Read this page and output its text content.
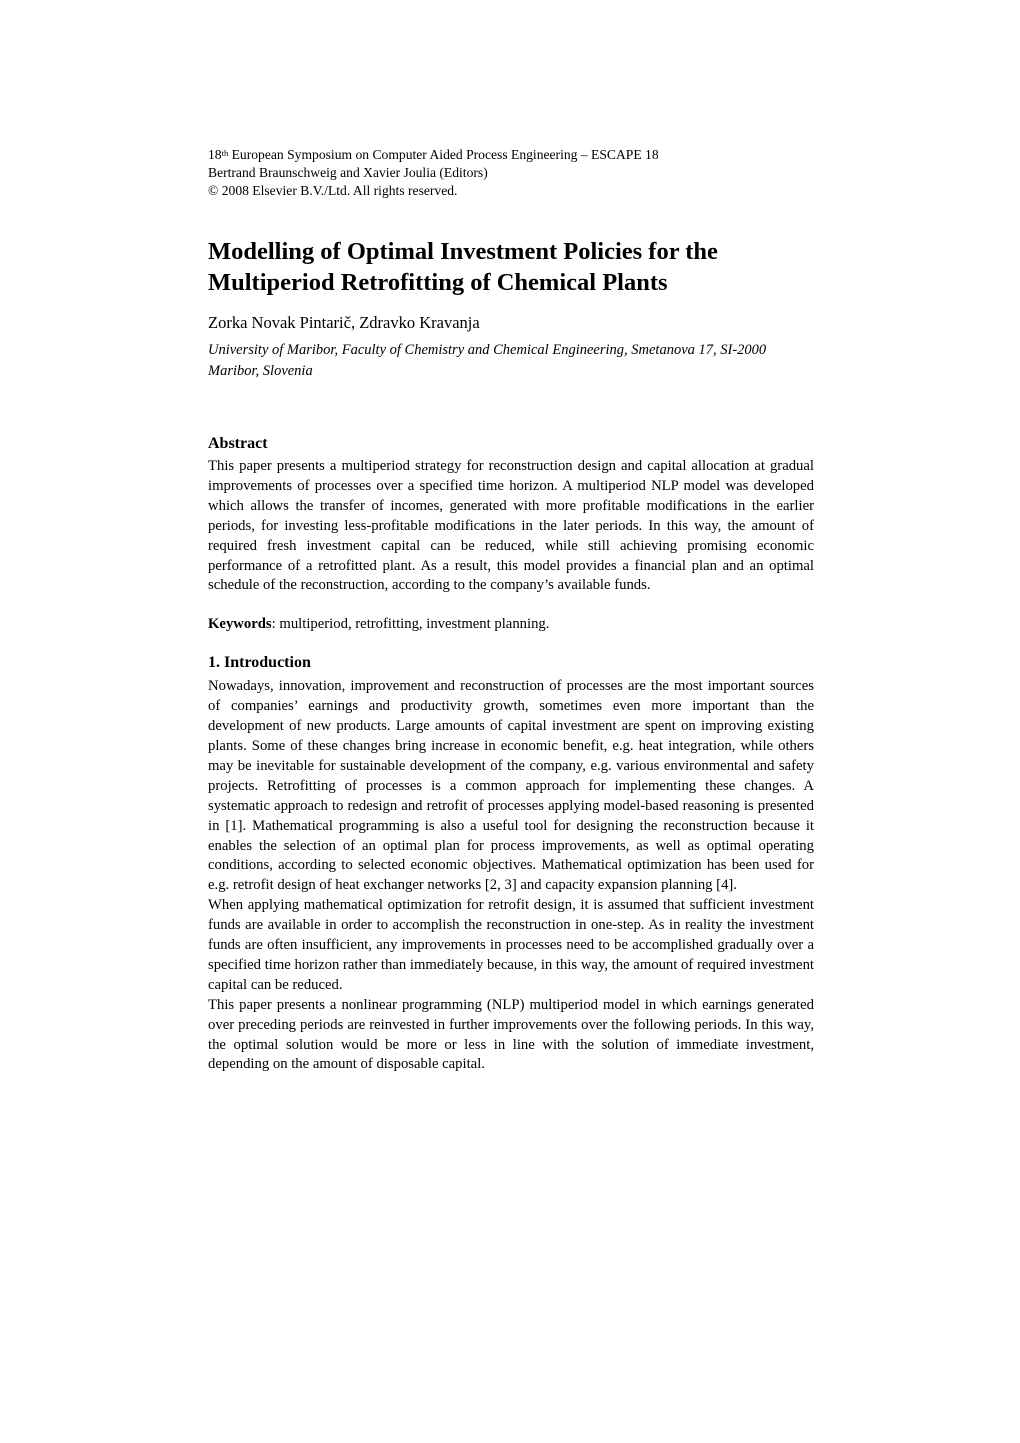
18th European Symposium on Computer Aided Process Engineering – ESCAPE 18

Bertrand Braunschweig and Xavier Joulia (Editors)

© 2008 Elsevier B.V./Ltd. All rights reserved.

Modelling of Optimal Investment Policies for the Multiperiod Retrofitting of Chemical Plants

Zorka Novak Pintarič, Zdravko Kravanja

University of Maribor, Faculty of Chemistry and Chemical Engineering, Smetanova 17, SI-2000 Maribor, Slovenia

Abstract

This paper presents a multiperiod strategy for reconstruction design and capital allocation at gradual improvements of processes over a specified time horizon. A multiperiod NLP model was developed which allows the transfer of incomes, generated with more profitable modifications in the earlier periods, for investing less-profitable modifications in the later periods. In this way, the amount of required fresh investment capital can be reduced, while still achieving promising economic performance of a retrofitted plant. As a result, this model provides a financial plan and an optimal schedule of the reconstruction, according to the company’s available funds.

Keywords: multiperiod, retrofitting, investment planning.

1. Introduction

Nowadays, innovation, improvement and reconstruction of processes are the most important sources of companies’ earnings and productivity growth, sometimes even more important than the development of new products. Large amounts of capital investment are spent on improving existing plants. Some of these changes bring increase in economic benefit, e.g. heat integration, while others may be inevitable for sustainable development of the company, e.g. various environmental and safety projects. Retrofitting of processes is a common approach for implementing these changes. A systematic approach to redesign and retrofit of processes applying model-based reasoning is presented in [1]. Mathematical programming is also a useful tool for designing the reconstruction because it enables the selection of an optimal plan for process improvements, as well as optimal operating conditions, according to selected economic objectives. Mathematical optimization has been used for e.g. retrofit design of heat exchanger networks [2, 3] and capacity expansion planning [4].

When applying mathematical optimization for retrofit design, it is assumed that sufficient investment funds are available in order to accomplish the reconstruction in one-step. As in reality the investment funds are often insufficient, any improvements in processes need to be accomplished gradually over a specified time horizon rather than immediately because, in this way, the amount of required investment capital can be reduced.

This paper presents a nonlinear programming (NLP) multiperiod model in which earnings generated over preceding periods are reinvested in further improvements over the following periods. In this way, the optimal solution would be more or less in line with the solution of immediate investment, depending on the amount of disposable capital.
